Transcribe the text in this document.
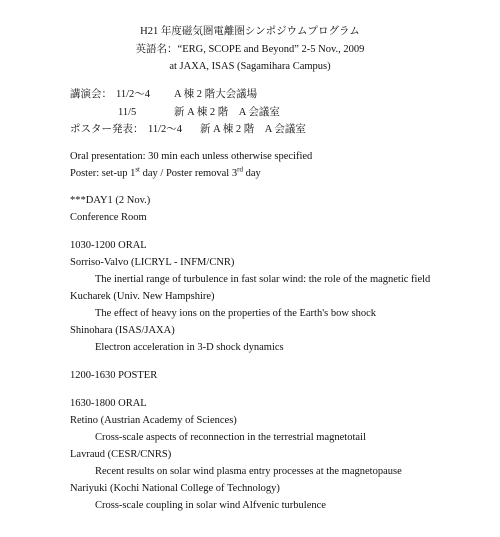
H21 年度磁気圏電離圏シンポジウムプログラム
英語名：“ERG, SCOPE and Beyond” 2-5 Nov., 2009
at JAXA, ISAS (Sagamihara Campus)
講演会： 11/2～4 A 棟 2 階大会議場
11/5	新 A 棟 2 階　A 会議室
ポスター発表： 11/2～4 新 A 棟 2 階　A 会議室
Oral presentation: 30 min each unless otherwise specified
Poster: set-up 1st day / Poster removal 3rd day
***DAY1 (2 Nov.)
Conference Room
1030-1200 ORAL
Sorriso-Valvo (LICRYL - INFM/CNR)
The inertial range of turbulence in fast solar wind: the role of the magnetic field
Kucharek (Univ. New Hampshire)
The effect of heavy ions on the properties of the Earth's bow shock
Shinohara (ISAS/JAXA)
Electron acceleration in 3-D shock dynamics
1200-1630 POSTER
1630-1800 ORAL
Retino (Austrian Academy of Sciences)
Cross-scale aspects of reconnection in the terrestrial magnetotail
Lavraud (CESR/CNRS)
Recent results on solar wind plasma entry processes at the magnetopause
Nariyuki (Kochi National College of Technology)
Cross-scale coupling in solar wind Alfvenic turbulence
